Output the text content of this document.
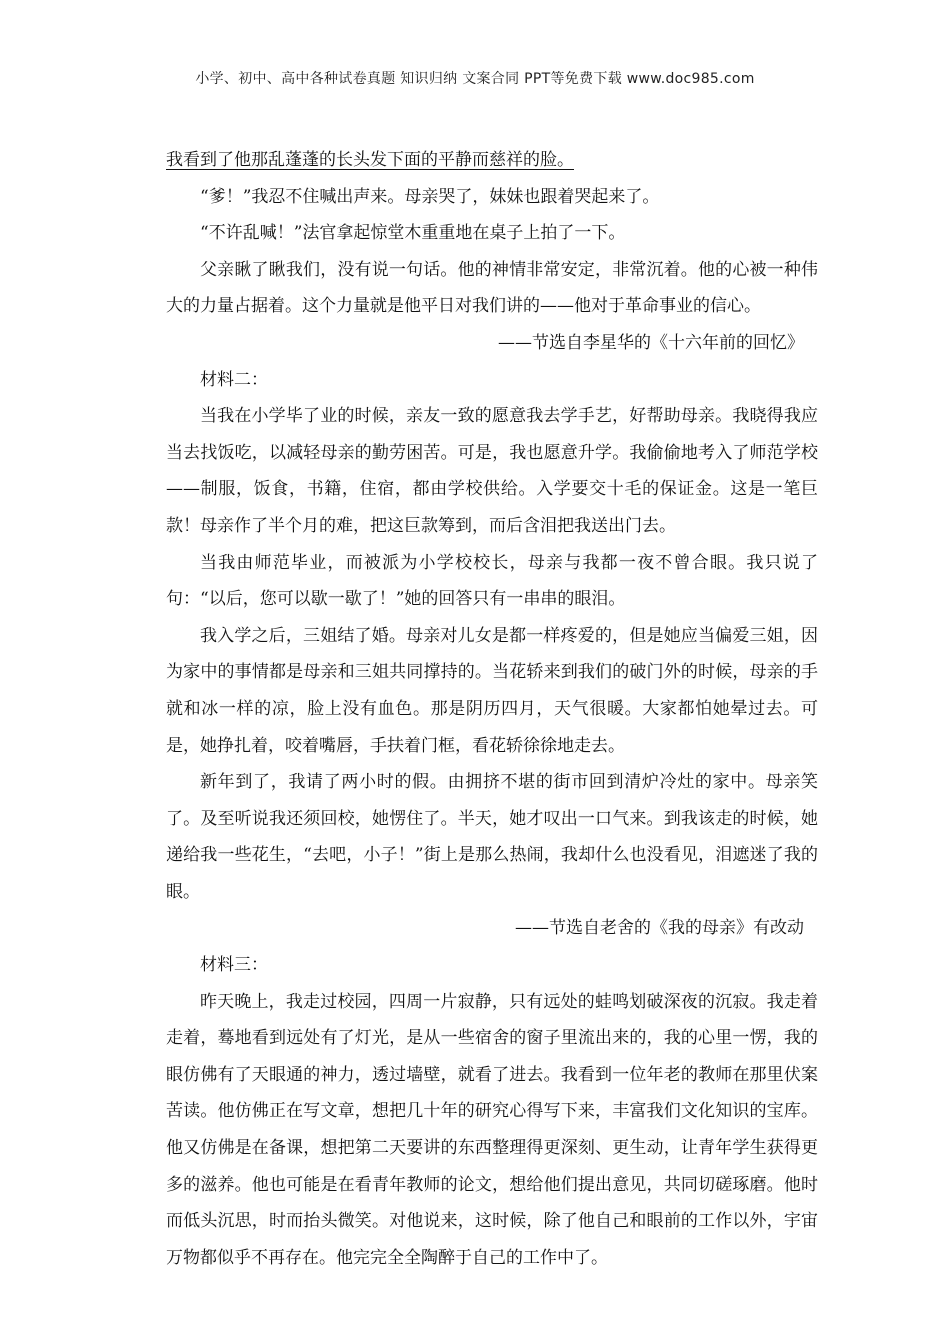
小学、初中、高中各种试卷真题 知识归纳 文案合同 PPT等免费下载 www.doc985.com

我看到了他那乱蓬蓬的长头发下面的平静而慈祥的脸。

“爹！”我忍不住喊出声来。母亲哭了，妹妹也跟着哭起来了。

“不许乱喊！”法官拿起惊堂木重重地在桌子上拍了一下。

父亲瞅了瞅我们，没有说一句话。他的神情非常安定，非常沉着。他的心被一种伟大的力量占据着。这个力量就是他平日对我们讲的——他对于革命事业的信心。

——节选自李星华的《十六年前的回忆》

材料二：

当我在小学毕了业的时候，亲友一致的愿意我去学手艺，好帮助母亲。我晓得我应当去找饭吃，以减轻母亲的勤劳困苦。可是，我也愿意升学。我偷偷地考入了师范学校——制服，饭食，书籍，住宿，都由学校供给。入学要交十毛的保证金。这是一笔巨款！母亲作了半个月的难，把这巨款筹到，而后含泪把我送出门去。

当我由师范毕业，而被派为小学校校长，母亲与我都一夜不曾合眼。我只说了句：“以后，您可以歇一歇了！”她的回答只有一串串的眼泪。

我入学之后，三姐结了婚。母亲对儿女是都一样疼爱的，但是她应当偏爱三姐，因为家中的事情都是母亲和三姐共同撑持的。当花轿来到我们的破门外的时候，母亲的手就和冰一样的凉，脸上没有血色。那是阴历四月，天气很暖。大家都怕她晕过去。可是，她挣扎着，咬着嘴唇，手扶着门框，看花轿徐徐地走去。

新年到了，我请了两小时的假。由拥挤不堪的街市回到清炉冷灶的家中。母亲笑了。及至听说我还须回校，她愣住了。半天，她才叹出一口气来。到我该走的时候，她递给我一些花生，“去吧，小子！”街上是那么热闹，我却什么也没看见，泪遮迷了我的眼。

——节选自老舍的《我的母亲》有改动

材料三：

昨天晚上，我走过校园，四周一片寂静，只有远处的蛙鸣划破深夜的沉寂。我走着走着，蓦地看到远处有了灯光，是从一些宿舍的窗子里流出来的，我的心里一愣，我的眼仿佛有了天眼通的神力，透过墙壁，就看了进去。我看到一位年老的教师在那里伏案苦读。他仿佛正在写文章，想把几十年的研究心得写下来，丰富我们文化知识的宝库。他又仿佛是在备课，想把第二天要讲的东西整理得更深刻、更生动，让青年学生获得更多的滋养。他也可能是在看青年教师的论文，想给他们提出意见，共同切磋琢磨。他时而低头沉思，时而抬头微笑。对他说来，这时候，除了他自己和眼前的工作以外，宇宙万物都似乎不再存在。他完完全全陶醉于自己的工作中了。
